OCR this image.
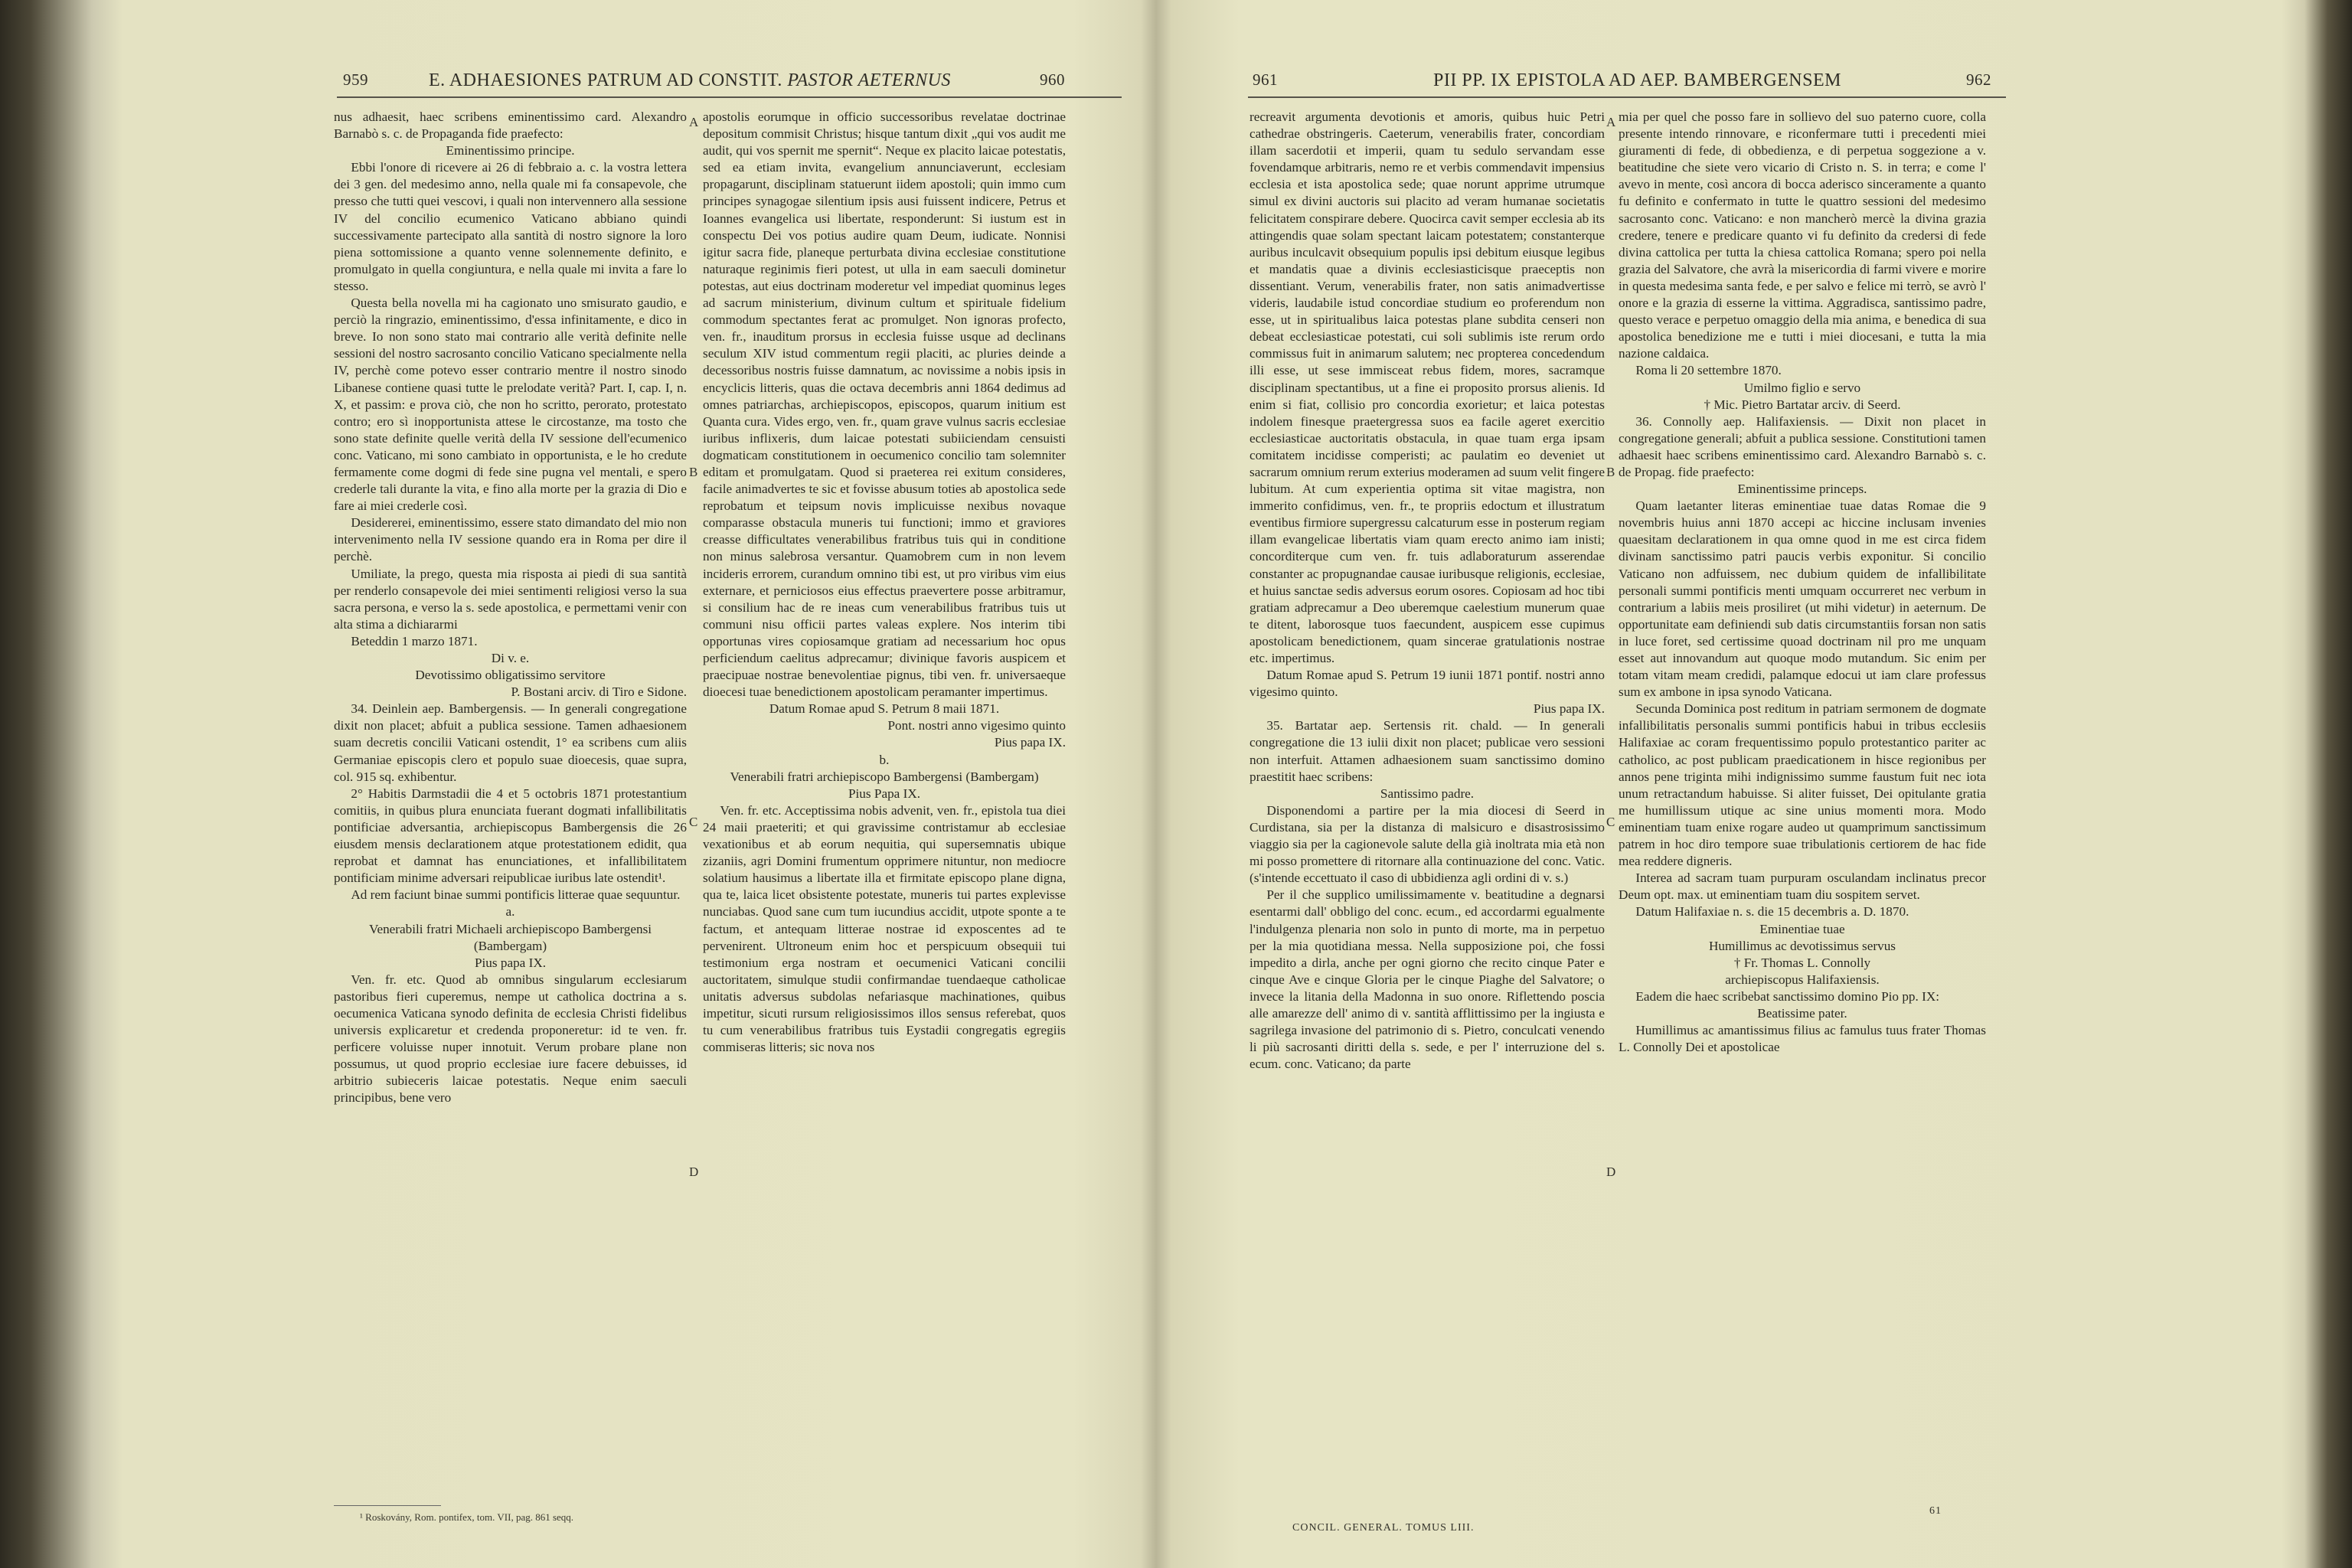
959	E. ADHAESIONES PATRUM AD CONSTIT. PASTOR AETERNUS	960

nus adhaesit, haec scribens eminentissimo card. Alexandro Barnabò s. c. de Propaganda fide praefecto:

Eminentissimo principe.

Ebbi l'onore di ricevere ai 26 di febbraio a. c. la vostra lettera dei 3 gen. del medesimo anno, nella quale mi fa consapevole, che presso che tutti quei vescovi, i quali non intervennero alla sessione IV del concilio ecumenico Vaticano abbiano quindi successivamente partecipato alla santità di nostro signore la loro piena sottomissione a quanto venne solennemente definito, e promulgato in quella congiuntura, e nella quale mi invita a fare lo stesso.

Questa bella novella mi ha cagionato uno smisurato gaudio, e perciò la ringrazio, eminentissimo, d'essa infinitamente, e dico in breve. Io non sono stato mai contrario alle verità definite nelle sessioni del nostro sacrosanto concilio Vaticano specialmente nella IV, perchè come potevo esser contrario mentre il nostro sinodo Libanese contiene quasi tutte le prelodate verità? Part. I, cap. I, n. X, et passim: e prova ciò, che non ho scritto, perorato, protestato contro; ero sì inopportunista attese le circostanze, ma tosto che sono state definite quelle verità della IV sessione dell'ecumenico conc. Vaticano, mi sono cambiato in opportunista, e le ho credute fermamente come dogmi di fede sine pugna vel mentali, e spero crederle tali durante la vita, e fino alla morte per la grazia di Dio e fare ai miei crederle così.

Desidererei, eminentissimo, essere stato dimandato del mio non intervenimento nella IV sessione quando era in Roma per dire il perchè.

Umiliate, la prego, questa mia risposta ai piedi di sua santità per renderlo consapevole dei miei sentimenti religiosi verso la sua sacra persona, e verso la s. sede apostolica, e permettami venir con alta stima a dichiararmi

Beteddin 1 marzo 1871.

Di v. e.

Devotissimo obligatissimo servitore

P. Bostani arciv. di Tiro e Sidone.

34. Deinlein aep. Bambergensis. — In generali congregatione dixit non placet; abfuit a publica sessione. Tamen adhaesionem suam decretis concilii Vaticani ostendit, 1° ea scribens cum aliis Germaniae episcopis clero et populo suae dioecesis, quae supra, col. 915 sq. exhibentur.

2° Habitis Darmstadii die 4 et 5 octobris 1871 protestantium comitiis, in quibus plura enunciata fuerant dogmati infallibilitatis pontificiae adversantia, archiepiscopus Bambergensis die 26 eiusdem mensis declarationem atque protestationem edidit, qua reprobat et damnat has enunciationes, et infallibilitatem pontificiam minime adversari reipublicae iuribus late ostendit¹.

Ad rem faciunt binae summi pontificis litterae quae sequuntur.

a.

Venerabili fratri Michaeli archiepiscopo Bambergensi (Bambergam)

Pius papa IX.

Ven. fr. etc. Quod ab omnibus singularum ecclesiarum pastoribus fieri cuperemus, nempe ut catholica doctrina a s. oecumenica Vaticana synodo definita de ecclesia Christi fidelibus universis explicaretur et credenda proponeretur: id te ven. fr. perficere voluisse nuper innotuit. Verum probare plane non possumus, ut quod proprio ecclesiae iure facere debuisses, id arbitrio subieceris laicae potestatis. Neque enim saeculi principibus, bene vero

¹ Roskovány, Rom. pontifex, tom. VII, pag. 861 seqq.

apostolis eorumque in officio successoribus revelatae doctrinae depositum commisit Christus; hisque tantum dixit „qui vos audit me audit, qui vos spernit me spernit“. Neque ex placito laicae potestatis, sed ea etiam invita, evangelium annunciaverunt, ecclesiam propagarunt, disciplinam statuerunt iidem apostoli; quin immo cum principes synagogae silentium ipsis ausi fuissent indicere, Petrus et Ioannes evangelica usi libertate, responderunt: Si iustum est in conspectu Dei vos potius audire quam Deum, iudicate. Nonnisi igitur sacra fide, planeque perturbata divina ecclesiae constitutione naturaque reginimis fieri potest, ut ulla in eam saeculi dominetur potestas, aut eius doctrinam moderetur vel impediat quominus leges ad sacrum ministerium, divinum cultum et spirituale fidelium commodum spectantes ferat ac promulget. Non ignoras profecto, ven. fr., inauditum prorsus in ecclesia fuisse usque ad declinans seculum XIV istud commentum regii placiti, ac pluries deinde a decessoribus nostris fuisse damnatum, ac novissime a nobis ipsis in encyclicis litteris, quas die octava decembris anni 1864 dedimus ad omnes patriarchas, archiepiscopos, episcopos, quarum initium est Quanta cura. Vides ergo, ven. fr., quam grave vulnus sacris ecclesiae iuribus inflixeris, dum laicae potestati subiiciendam censuisti dogmaticam constitutionem in oecumenico concilio tam solemniter editam et promulgatam. Quod si praeterea rei exitum consideres, facile animadvertes te sic et fovisse abusum toties ab apostolica sede reprobatum et teipsum novis implicuisse nexibus novaque comparasse obstacula muneris tui functioni; immo et graviores creasse difficultates venerabilibus fratribus tuis qui in conditione non minus salebrosa versantur. Quamobrem cum in non levem incideris errorem, curandum omnino tibi est, ut pro viribus vim eius externare, et perniciosos eius effectus praevertere posse arbitramur, si consilium hac de re ineas cum venerabilibus fratribus tuis ut communi nisu officii partes valeas explere. Nos interim tibi opportunas vires copiosamque gratiam ad necessarium hoc opus perficiendum caelitus adprecamur; divinique favoris auspicem et praecipuae nostrae benevolentiae pignus, tibi ven. fr. universaeque dioecesi tuae benedictionem apostolicam peramanter impertimus.

Datum Romae apud S. Petrum 8 maii 1871.

Pont. nostri anno vigesimo quinto

Pius papa IX.

b.

Venerabili fratri archiepiscopo Bambergensi (Bambergam)

Pius Papa IX.

Ven. fr. etc. Acceptissima nobis advenit, ven. fr., epistola tua diei 24 maii praeteriti; et qui gravissime contristamur ab ecclesiae vexationibus et ab eorum nequitia, qui supersemnatis ubique zizaniis, agri Domini frumentum opprimere nituntur, non mediocre solatium hausimus a libertate illa et firmitate episcopo plane digna, qua te, laica licet obsistente potestate, muneris tui partes explevisse nunciabas. Quod sane cum tum iucundius accidit, utpote sponte a te factum, et antequam litterae nostrae id exposcentes ad te pervenirent. Ultroneum enim hoc et perspicuum obsequii tui testimonium erga nostram et oecumenici Vaticani concilii auctoritatem, simulque studii confirmandae tuendaeque catholicae unitatis adversus subdolas nefariasque machinationes, quibus impetitur, sicuti rursum religiosissimos illos sensus referebat, quos tu cum venerabilibus fratribus tuis Eystadii congregatis egregiis commiseras litteris; sic nova nos

A
B
C
D
961	PII PP. IX EPISTOLA AD AEP. BAMBERGENSEM	962

recreavit argumenta devotionis et amoris, quibus huic Petri cathedrae obstringeris. Caeterum, venerabilis frater, concordiam illam sacerdotii et imperii, quam tu sedulo servandam esse fovendamque arbitraris, nemo re et verbis commendavit impensius ecclesia et ista apostolica sede; quae norunt apprime utrumque simul ex divini auctoris sui placito ad veram humanae societatis felicitatem conspirare debere. Quocirca cavit semper ecclesia ab its attingendis quae solam spectant laicam potestatem; constanterque auribus inculcavit obsequium populis ipsi debitum eiusque legibus et mandatis quae a divinis ecclesiasticisque praeceptis non dissentiant. Verum, venerabilis frater, non satis animadvertisse videris, laudabile istud concordiae studium eo proferendum non esse, ut in spiritualibus laica potestas plane subdita censeri non debeat ecclesiasticae potestati, cui soli sublimis iste rerum ordo commissus fuit in animarum salutem; nec propterea concedendum illi esse, ut sese immisceat rebus fidem, mores, sacramque disciplinam spectantibus, ut a fine ei proposito prorsus alienis. Id enim si fiat, collisio pro concordia exorietur; et laica potestas indolem finesque praetergressa suos ea facile ageret exercitio ecclesiasticae auctoritatis obstacula, in quae tuam erga ipsam comitatem incidisse comperisti; ac paulatim eo deveniet ut sacrarum omnium rerum exterius moderamen ad suum velit fingere lubitum. At cum experientia optima sit vitae magistra, non immerito confidimus, ven. fr., te propriis edoctum et illustratum eventibus firmiore supergressu calcaturum esse in posterum regiam illam evangelicae libertatis viam quam erecto animo iam inisti; concorditerque cum ven. fr. tuis adlaboraturum asserendae constanter ac propugnandae causae iuribusque religionis, ecclesiae, et huius sanctae sedis adversus eorum osores. Copiosam ad hoc tibi gratiam adprecamur a Deo uberemque caelestium munerum quae te ditent, laborosque tuos faecundent, auspicem esse cupimus apostolicam benedictionem, quam sincerae gratulationis nostrae etc. impertimus.

Datum Romae apud S. Petrum 19 iunii 1871 pontif. nostri anno vigesimo quinto.

Pius papa IX.

35. Bartatar aep. Sertensis rit. chald. — In generali congregatione die 13 iulii dixit non placet; publicae vero sessioni non interfuit. Attamen adhaesionem suam sanctissimo domino praestitit haec scribens:

Santissimo padre.

Disponendomi a partire per la mia diocesi di Seerd in Curdistana, sia per la distanza di malsicuro e disastrosissimo viaggio sia per la cagionevole salute della già inoltrata mia età non mi posso promettere di ritornare alla continuazione del conc. Vatic. (s'intende eccettuato il caso di ubbidienza agli ordini di v. s.)

Per il che supplico umilissimamente v. beatitudine a degnarsi esentarmi dall' obbligo del conc. ecum., ed accordarmi egualmente l'indulgenza plenaria non solo in punto di morte, ma in perpetuo per la mia quotidiana messa. Nella supposizione poi, che fossi impedito a dirla, anche per ogni giorno che recito cinque Pater e cinque Ave e cinque Gloria per le cinque Piaghe del Salvatore; o invece la litania della Madonna in suo onore. Riflettendo poscia alle amarezze dell' animo di v. santità afflittissimo per la ingiusta e sagrilega invasione del patrimonio di s. Pietro, conculcati venendo li più sacrosanti diritti della s. sede, e per l' interruzione del s. ecum. conc. Vaticano; da parte

mia per quel che posso fare in sollievo del suo paterno cuore, colla presente intendo rinnovare, e riconfermare tutti i precedenti miei giuramenti di fede, di obbedienza, e di perpetua soggezione a v. beatitudine che siete vero vicario di Cristo n. S. in terra; e come l' avevo in mente, così ancora di bocca aderisco sinceramente a quanto fu definito e confermato in tutte le quattro sessioni del medesimo sacrosanto conc. Vaticano: e non mancherò mercè la divina grazia credere, tenere e predicare quanto vi fu definito da credersi di fede divina cattolica per tutta la chiesa cattolica Romana; spero poi nella grazia del Salvatore, che avrà la misericordia di farmi vivere e morire in questa medesima santa fede, e per salvo e felice mi terrò, se avrò l' onore e la grazia di esserne la vittima. Aggradisca, santissimo padre, questo verace e perpetuo omaggio della mia anima, e benedica di sua apostolica benedizione me e tutti i miei diocesani, e tutta la mia nazione caldaica.

Roma li 20 settembre 1870.

Umilmo figlio e servo

† Mic. Pietro Bartatar arciv. di Seerd.

36. Connolly aep. Halifaxiensis. — Dixit non placet in congregatione generali; abfuit a publica sessione. Constitutioni tamen adhaesit haec scribens eminentissimo card. Alexandro Barnabò s. c. de Propag. fide praefecto:

Eminentissime princeps.

Quam laetanter literas eminentiae tuae datas Romae die 9 novembris huius anni 1870 accepi ac hiccine inclusam invenies quaesitam declarationem in qua omne quod in me est circa fidem divinam sanctissimo patri paucis verbis exponitur. Si concilio Vaticano non adfuissem, nec dubium quidem de infallibilitate personali summi pontificis menti umquam occurreret nec verbum in contrarium a labiis meis prosiliret (ut mihi videtur) in aeternum. De opportunitate eam definiendi sub datis circumstantiis forsan non satis in luce foret, sed certissime quoad doctrinam nil pro me unquam esset aut innovandum aut quoque modo mutandum. Sic enim per totam vitam meam credidi, palamque edocui ut iam clare professus sum ex ambone in ipsa synodo Vaticana.

Secunda Dominica post reditum in patriam sermonem de dogmate infallibilitatis personalis summi pontificis habui in tribus ecclesiis Halifaxiae ac coram frequentissimo populo protestantico pariter ac catholico, ac post publicam praedicationem in hisce regionibus per annos pene triginta mihi indignissimo summe faustum fuit nec iota unum retractandum habuisse. Si aliter fuisset, Dei opitulante gratia me humillissum utique ac sine unius momenti mora. Modo eminentiam tuam enixe rogare audeo ut quamprimum sanctissimum patrem in hoc diro tempore suae tribulationis certiorem de hac fide mea reddere digneris.

Interea ad sacram tuam purpuram osculandam inclinatus precor Deum opt. max. ut eminentiam tuam diu sospitem servet.

Datum Halifaxiae n. s. die 15 decembris a. D. 1870.

Eminentiae tuae

Humillimus ac devotissimus servus

† Fr. Thomas L. Connolly

archiepiscopus Halifaxiensis.

Eadem die haec scribebat sanctissimo domino Pio pp. IX:

Beatissime pater.

Humillimus ac amantissimus filius ac famulus tuus frater Thomas L. Connolly Dei et apostolicae

CONCIL. GENERAL. TOMUS LIII.
61
A
B
C
D
